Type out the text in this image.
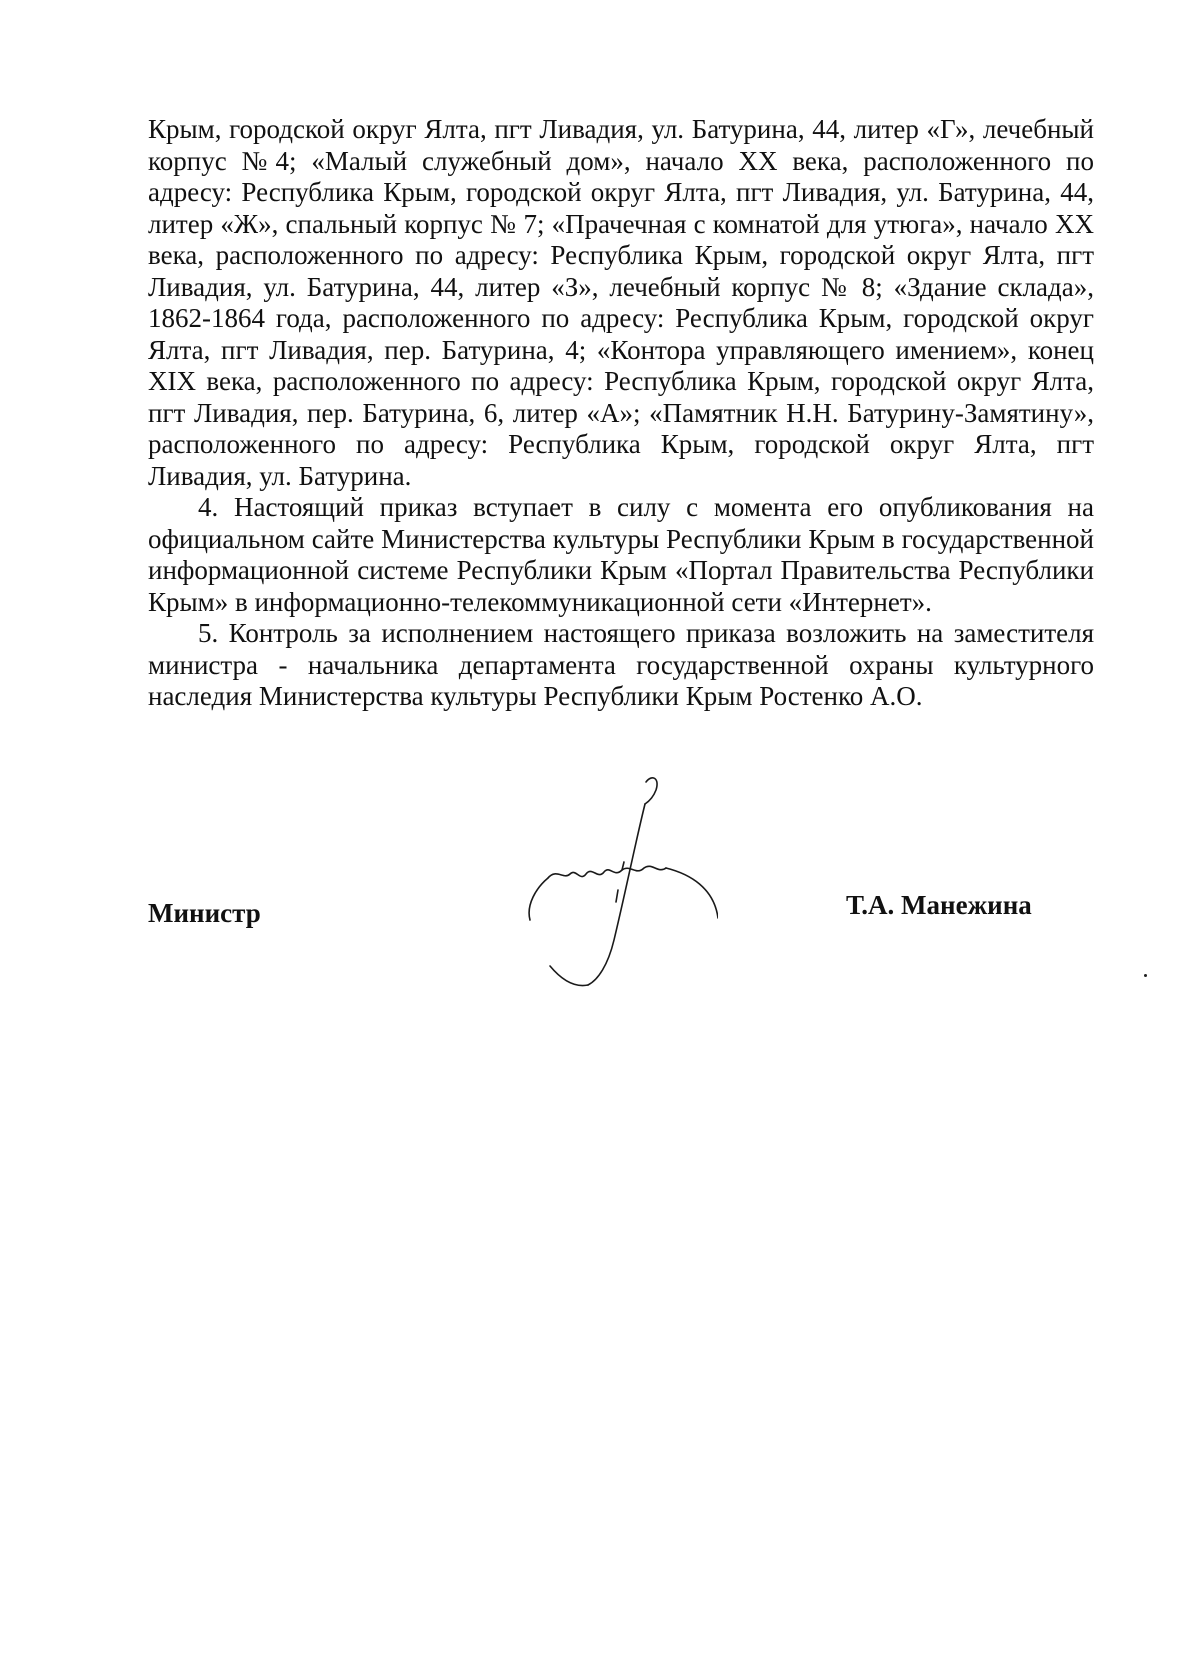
Крым, городской округ Ялта, пгт Ливадия, ул. Батурина, 44, литер «Г», лечебный корпус №4; «Малый служебный дом», начало XX века, расположенного по адресу: Республика Крым, городской округ Ялта, пгт Ливадия, ул. Батурина, 44, литер «Ж», спальный корпус № 7; «Прачечная с комнатой для утюга», начало XX века, расположенного по адресу: Республика Крым, городской округ Ялта, пгт Ливадия, ул. Батурина, 44, литер «З», лечебный корпус № 8; «Здание склада», 1862-1864 года, расположенного по адресу: Республика Крым, городской округ Ялта, пгт Ливадия, пер. Батурина, 4; «Контора управляющего имением», конец XIX века, расположенного по адресу: Республика Крым, городской округ Ялта, пгт Ливадия, пер. Батурина, 6, литер «А»; «Памятник Н.Н. Батурину-Замятину», расположенного по адресу: Республика Крым, городской округ Ялта, пгт Ливадия, ул. Батурина.

4. Настоящий приказ вступает в силу с момента его опубликования на официальном сайте Министерства культуры Республики Крым в государственной информационной системе Республики Крым «Портал Правительства Республики Крым» в информационно-телекоммуникационной сети «Интернет».

5. Контроль за исполнением настоящего приказа возложить на заместителя министра - начальника департамента государственной охраны культурного наследия Министерства культуры Республики Крым Ростенко А.О.

Министр	Т.А. Манежина
